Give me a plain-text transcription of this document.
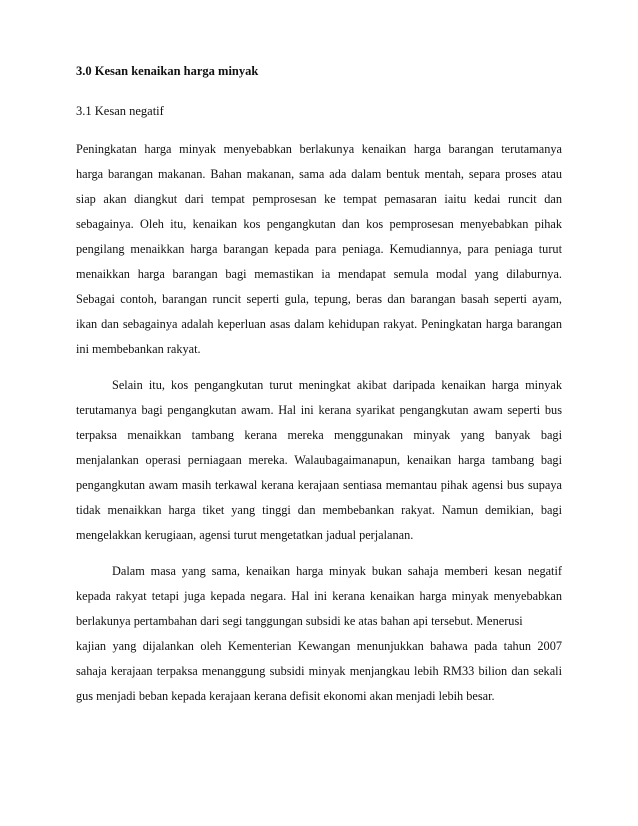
3.0 Kesan kenaikan harga minyak
3.1 Kesan negatif
Peningkatan harga minyak menyebabkan berlakunya kenaikan harga barangan terutamanya
harga barangan makanan. Bahan makanan, sama ada dalam bentuk mentah, separa proses atau
siap akan diangkut dari tempat pemprosesan ke tempat pemasaran iaitu kedai runcit dan
sebagainya. Oleh itu, kenaikan kos pengangkutan dan kos pemprosesan menyebabkan pihak
pengilang menaikkan harga barangan kepada para peniaga. Kemudiannya, para peniaga turut
menaikkan harga barangan bagi memastikan ia mendapat semula modal yang dilaburnya.
Sebagai contoh, barangan runcit seperti gula, tepung, beras dan barangan basah seperti ayam,
ikan dan sebagainya adalah keperluan asas dalam kehidupan rakyat. Peningkatan harga barangan
ini membebankan rakyat.
Selain itu, kos pengangkutan turut meningkat akibat daripada kenaikan harga minyak
terutamanya bagi pengangkutan awam. Hal ini kerana syarikat pengangkutan awam seperti bus
terpaksa menaikkan tambang kerana mereka menggunakan minyak yang banyak bagi
menjalankan operasi perniagaan mereka. Walaubagaimanapun, kenaikan harga tambang bagi
pengangkutan awam masih terkawal kerana kerajaan sentiasa memantau pihak agensi bus supaya
tidak menaikkan harga tiket yang tinggi dan membebankan rakyat. Namun demikian, bagi
mengelakkan kerugiaan, agensi turut mengetatkan jadual perjalanan.
Dalam masa yang sama, kenaikan harga minyak bukan sahaja memberi kesan negatif
kepada rakyat tetapi juga kepada negara. Hal ini kerana kenaikan harga minyak menyebabkan
berlakunya pertambahan dari segi tanggungan subsidi ke atas bahan api tersebut. Menerusi
kajian yang dijalankan oleh Kementerian Kewangan menunjukkan bahawa pada tahun 2007
sahaja kerajaan terpaksa menanggung subsidi minyak menjangkau lebih RM33 bilion dan sekali
gus menjadi beban kepada kerajaan kerana defisit ekonomi akan menjadi lebih besar.
